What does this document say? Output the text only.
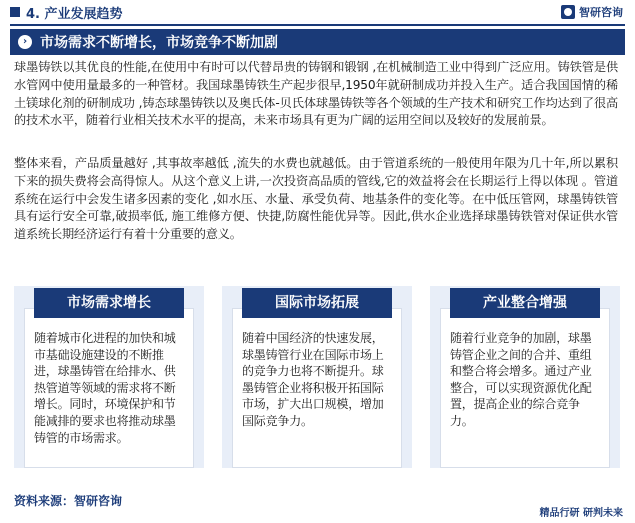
4. 产业发展趋势	智研咨询
› 市场需求不断增长，市场竞争不断加剧

球墨铸铁以其优良的性能,在使用中有时可以代替昂贵的铸钢和锻钢 ,在机械制造工业中得到广泛应用。铸铁管是供水管网中使用量最多的一种管材。我国球墨铸铁生产起步很早,1950年就研制成功并投入生产。适合我国国情的稀土镁球化剂的研制成功 ,铸态球墨铸铁以及奥氏体-贝氏体球墨铸铁等各个领域的生产技术和研究工作均达到了很高的技术水平，随着行业相关技术水平的提高，未来市场具有更为广阔的运用空间以及较好的发展前景。

整体来看，产品质量越好 ,其事故率越低 ,流失的水费也就越低。由于管道系统的一般使用年限为几十年,所以累积下来的损失费将会高得惊人。从这个意义上讲,一次投资高品质的管线,它的效益将会在长期运行上得以体现 。管道系统在运行中会发生诸多因素的变化 ,如水压、水量、承受负荷、地基条件的变化等。在中低压管网，球墨铸铁管具有运行安全可靠,破损率低, 施工维修方便、快捷,防腐性能优异等。因此,供水企业选择球墨铸铁管对保证供水管道系统长期经济运行有着十分重要的意义。

市场需求增长

随着城市化进程的加快和城市基础设施建设的不断推进，球墨铸管在给排水、供热管道等领域的需求将不断增长。同时，环境保护和节能减排的要求也将推动球墨铸管的市场需求。

国际市场拓展

随着中国经济的快速发展，球墨铸管行业在国际市场上的竞争力也将不断提升。球墨铸管企业将积极开拓国际市场，扩大出口规模，增加国际竞争力。

产业整合增强

随着行业竞争的加剧，球墨铸管企业之间的合并、重组和整合将会增多。通过产业整合，可以实现资源优化配置，提高企业的综合竞争力。

资料来源：智研咨询
精品行研 研判未来
